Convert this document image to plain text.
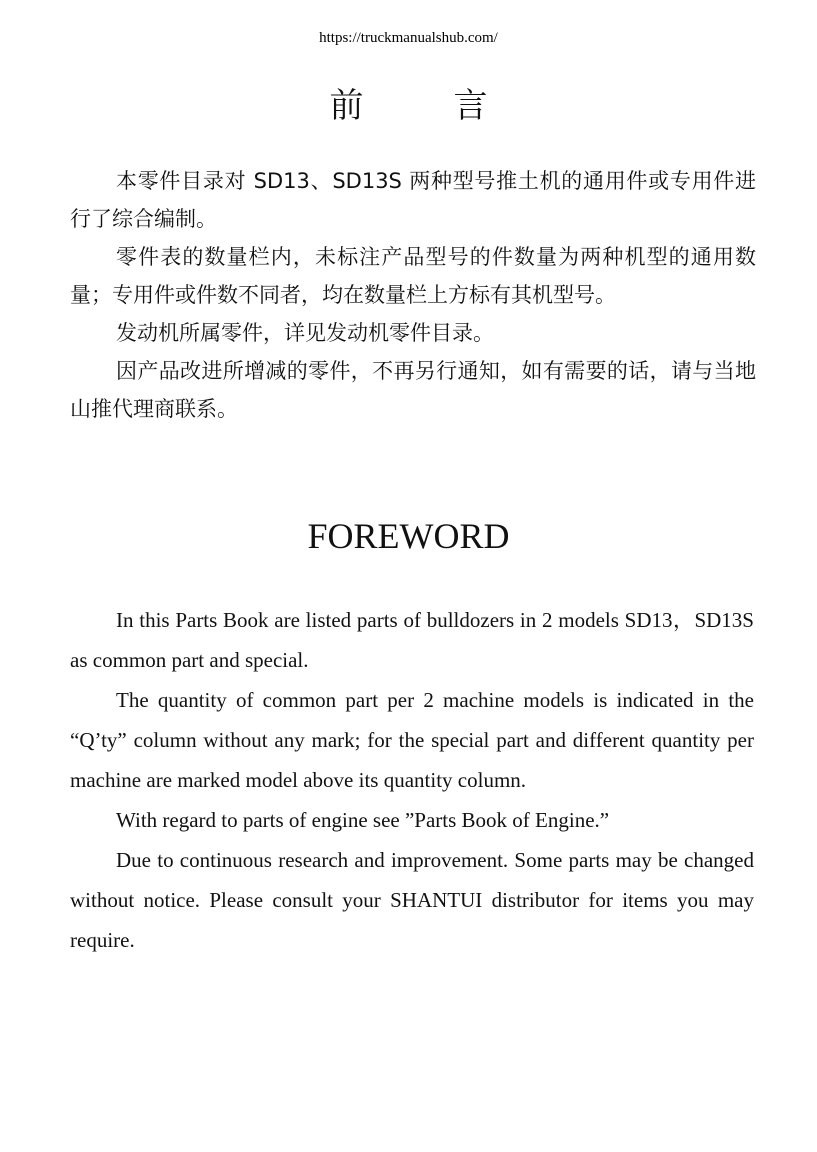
https://truckmanualshub.com/
前	言

本零件目录对 SD13、SD13S 两种型号推土机的通用件或专用件进行了综合编制。

零件表的数量栏内，未标注产品型号的件数量为两种机型的通用数量；专用件或件数不同者，均在数量栏上方标有其机型号。

发动机所属零件，详见发动机零件目录。

因产品改进所增减的零件，不再另行通知，如有需要的话，请与当地山推代理商联系。

FOREWORD

In this Parts Book are listed parts of bulldozers in 2 models SD13，SD13S as common part and special.

The quantity of common part per 2 machine models is indicated in the “Q’ty” column without any mark; for the special part and different quantity per machine are marked model above its quantity column.

With regard to parts of engine see ”Parts Book of Engine.”

Due to continuous research and improvement. Some parts may be changed without notice. Please consult your SHANTUI distributor for items you may require.
